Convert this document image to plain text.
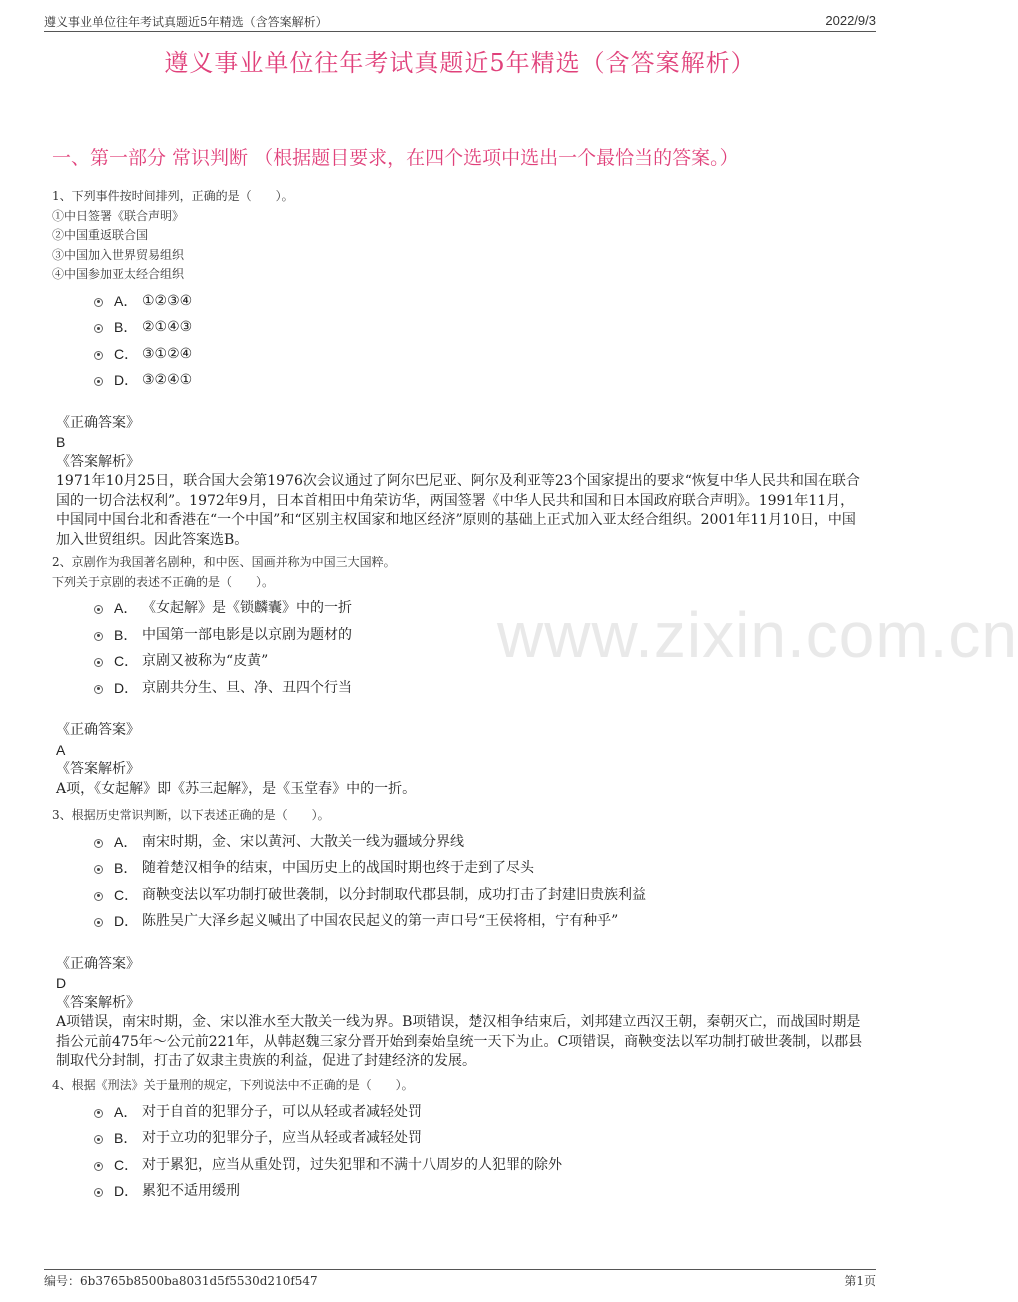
遵义事业单位往年考试真题近5年精选（含答案解析）	2022/9/3
遵义事业单位往年考试真题近5年精选（含答案解析）
一、第一部分 常识判断 （根据题目要求，在四个选项中选出一个最恰当的答案。）
1、下列事件按时间排列，正确的是（　　）。
①中日签署《联合声明》
②中国重返联合国
③中国加入世界贸易组织
④中国参加亚太经合组织
A． ①②③④
B． ②①④③
C． ③①②④
D． ③②④①
《正确答案》
B
《答案解析》
1971年10月25日，联合国大会第1976次会议通过了阿尔巴尼亚、阿尔及利亚等23个国家提出的要求“恢复中华人民共和国在联合国的一切合法权利”。1972年9月，日本首相田中角荣访华，两国签署《中华人民共和国和日本国政府联合声明》。1991年11月，中国同中国台北和香港在“一个中国”和“区别主权国家和地区经济”原则的基础上正式加入亚太经合组织。2001年11月10日，中国加入世贸组织。因此答案选B。
2、京剧作为我国著名剧种，和中医、国画并称为中国三大国粹。
下列关于京剧的表述不正确的是（　　）。
A． 《女起解》是《锁麟囊》中的一折
B． 中国第一部电影是以京剧为题材的
C． 京剧又被称为“皮黄”
D． 京剧共分生、旦、净、丑四个行当
《正确答案》
A
《答案解析》
A项，《女起解》即《苏三起解》，是《玉堂春》中的一折。
3、根据历史常识判断，以下表述正确的是（　　）。
A． 南宋时期，金、宋以黄河、大散关一线为疆域分界线
B． 随着楚汉相争的结束，中国历史上的战国时期也终于走到了尽头
C． 商鞅变法以军功制打破世袭制，以分封制取代郡县制，成功打击了封建旧贵族利益
D． 陈胜吴广大泽乡起义喊出了中国农民起义的第一声口号“王侯将相，宁有种乎”
《正确答案》
D
《答案解析》
A项错误，南宋时期，金、宋以淮水至大散关一线为界。B项错误，楚汉相争结束后，刘邦建立西汉王朝，秦朝灭亡，而战国时期是指公元前475年～公元前221年，从韩赵魏三家分晋开始到秦始皇统一天下为止。C项错误，商鞅变法以军功制打破世袭制，以郡县制取代分封制，打击了奴隶主贵族的利益，促进了封建经济的发展。
4、根据《刑法》关于量刑的规定，下列说法中不正确的是（　　）。
A． 对于自首的犯罪分子，可以从轻或者减轻处罚
B． 对于立功的犯罪分子，应当从轻或者减轻处罚
C． 对于累犯，应当从重处罚，过失犯罪和不满十八周岁的人犯罪的除外
D． 累犯不适用缓刑
www.zixin.com.cn
编号：6b3765b8500ba8031d5f5530d210f547	第1页
